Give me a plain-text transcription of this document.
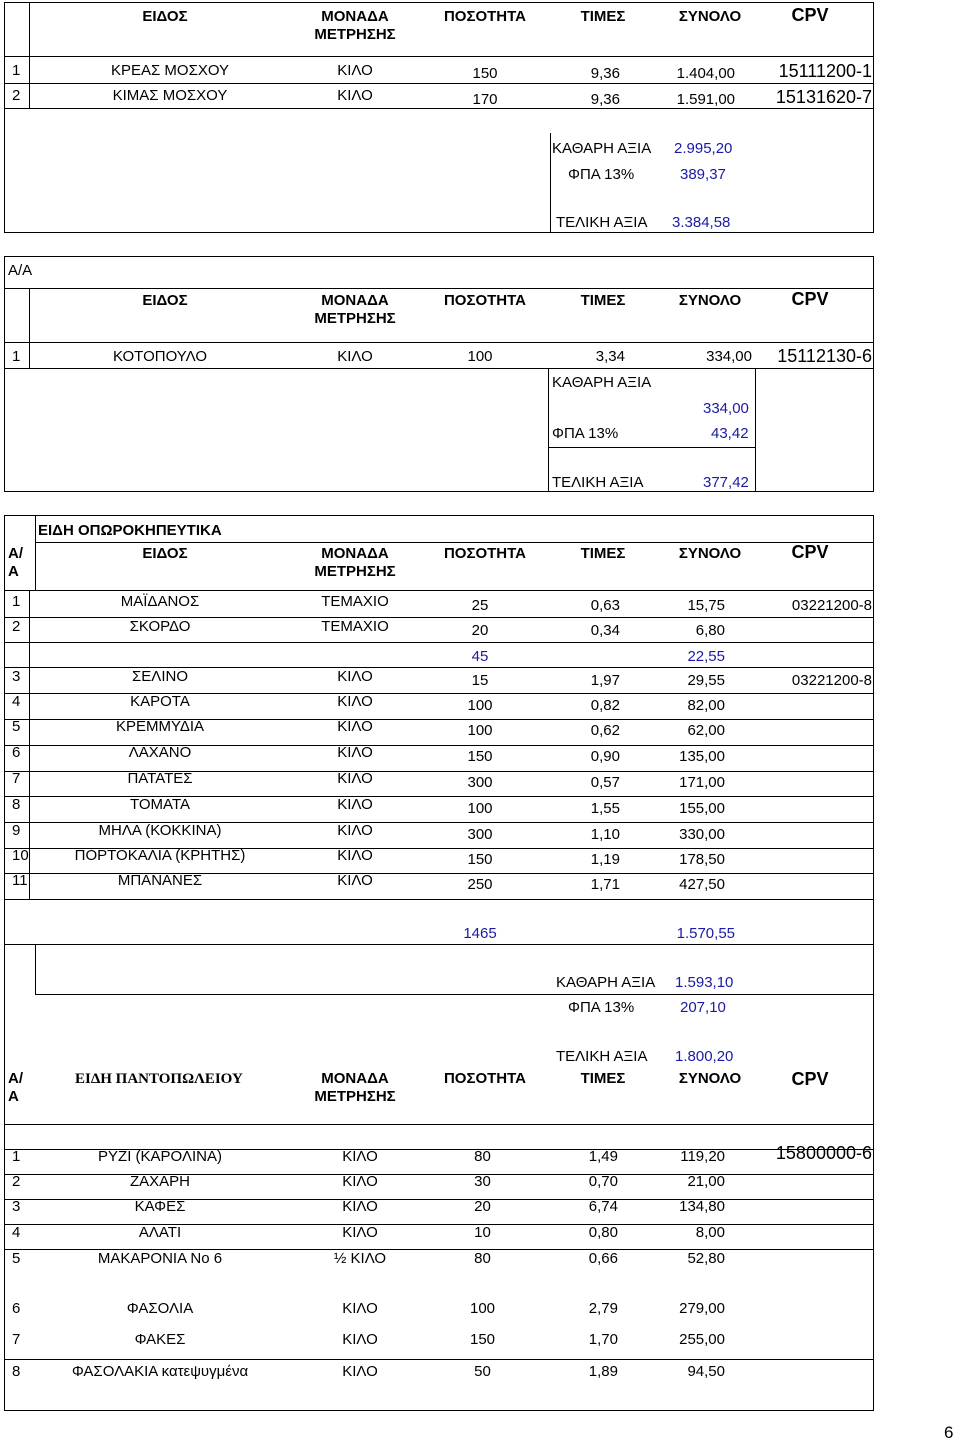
ΕΙΔΟΣ	ΜΟΝΑΔΑ
ΜΕΤΡΗΣΗΣ
ΠΟΣΟΤΗΤΑ	ΤΙΜΕΣ	ΣΥΝΟΛΟ	CPV
1	ΚΡΕΑΣ ΜΟΣΧΟΥ	ΚΙΛΟ	150	9,36	1.404,00	15111200-1
2	ΚΙΜΑΣ ΜΟΣΧΟΥ	ΚΙΛΟ	170	9,36	1.591,00	15131620-7
ΚΑΘΑΡΗ ΑΞΙΑ 2.995,20
ΦΠΑ 13%	389,37
ΤΕΛΙΚΗ ΑΞΙΑ 3.384,58
Α/Α
ΕΙΔΟΣ	ΜΟΝΑΔΑ
ΜΕΤΡΗΣΗΣ
ΠΟΣΟΤΗΤΑ	ΤΙΜΕΣ	ΣΥΝΟΛΟ	CPV
1	ΚΟΤΟΠΟΥΛΟ	ΚΙΛΟ	100	3,34	334,00	15112130-6
ΚΑΘΑΡΗ ΑΞΙΑ
334,00
ΦΠΑ 13%	43,42
ΤΕΛΙΚΗ ΑΞΙΑ	377,42
ΕΙΔΗ ΟΠΩΡΟΚΗΠΕΥΤΙΚΑ
Α/
Α
ΕΙΔΟΣ	ΜΟΝΑΔΑ
ΜΕΤΡΗΣΗΣ
ΠΟΣΟΤΗΤΑ	ΤΙΜΕΣ	ΣΥΝΟΛΟ	CPV
1	ΜΑΪΔΑΝΟΣ	ΤΕΜΑΧΙΟ	25	0,63	15,75	03221200-8
2	ΣΚΟΡΔΟ	ΤΕΜΑΧΙΟ	20	0,34	6,80
45	22,55
3	ΣΕΛΙΝΟ	ΚΙΛΟ	15	1,97	29,55	03221200-8
4	ΚΑΡΟΤΑ	ΚΙΛΟ	100	0,82	82,00
5	ΚΡΕΜΜΥΔΙΑ	ΚΙΛΟ	100	0,62	62,00
6	ΛΑΧΑΝΟ	ΚΙΛΟ	150	0,90	135,00
7	ΠΑΤΑΤΕΣ	ΚΙΛΟ	300	0,57	171,00
8	ΤΟΜΑΤΑ	ΚΙΛΟ	100	1,55	155,00
9	ΜΗΛΑ (ΚΟΚΚΙΝΑ)	ΚΙΛΟ	300	1,10	330,00
10	ΠΟΡΤΟΚΑΛΙΑ (ΚΡΗΤΗΣ)	ΚΙΛΟ	150	1,19	178,50
11	ΜΠΑΝΑΝΕΣ	ΚΙΛΟ	250	1,71	427,50
1465	1.570,55
ΚΑΘΑΡΗ ΑΞΙΑ 1.593,10
ΦΠΑ 13%	207,10
ΤΕΛΙΚΗ ΑΞΙΑ 1.800,20
Α/
Α
ΕΙΔΗ ΠΑΝΤΟΠΩΛΕΙΟΥ	ΜΟΝΑΔΑ
ΜΕΤΡΗΣΗΣ
ΠΟΣΟΤΗΤΑ	ΤΙΜΕΣ	ΣΥΝΟΛΟ	CPV
1	ΡΥΖΙ (ΚΑΡΟΛΙΝΑ)	ΚΙΛΟ	80	1,49	119,20	15800000-6
2	ΖΑΧΑΡΗ	ΚΙΛΟ	30	0,70	21,00
3	ΚΑΦΕΣ	ΚΙΛΟ	20	6,74	134,80
4	ΑΛΑΤΙ	ΚΙΛΟ	10	0,80	8,00
5	ΜΑΚΑΡΟΝΙΑ Νο 6	½ ΚΙΛΟ	80	0,66	52,80
6	ΦΑΣΟΛΙΑ	ΚΙΛΟ	100	2,79	279,00
7	ΦΑΚΕΣ	ΚΙΛΟ	150	1,70	255,00
8	ΦΑΣΟΛΑΚΙΑ κατεψυγμένα	ΚΙΛΟ	50	1,89	94,50
6
